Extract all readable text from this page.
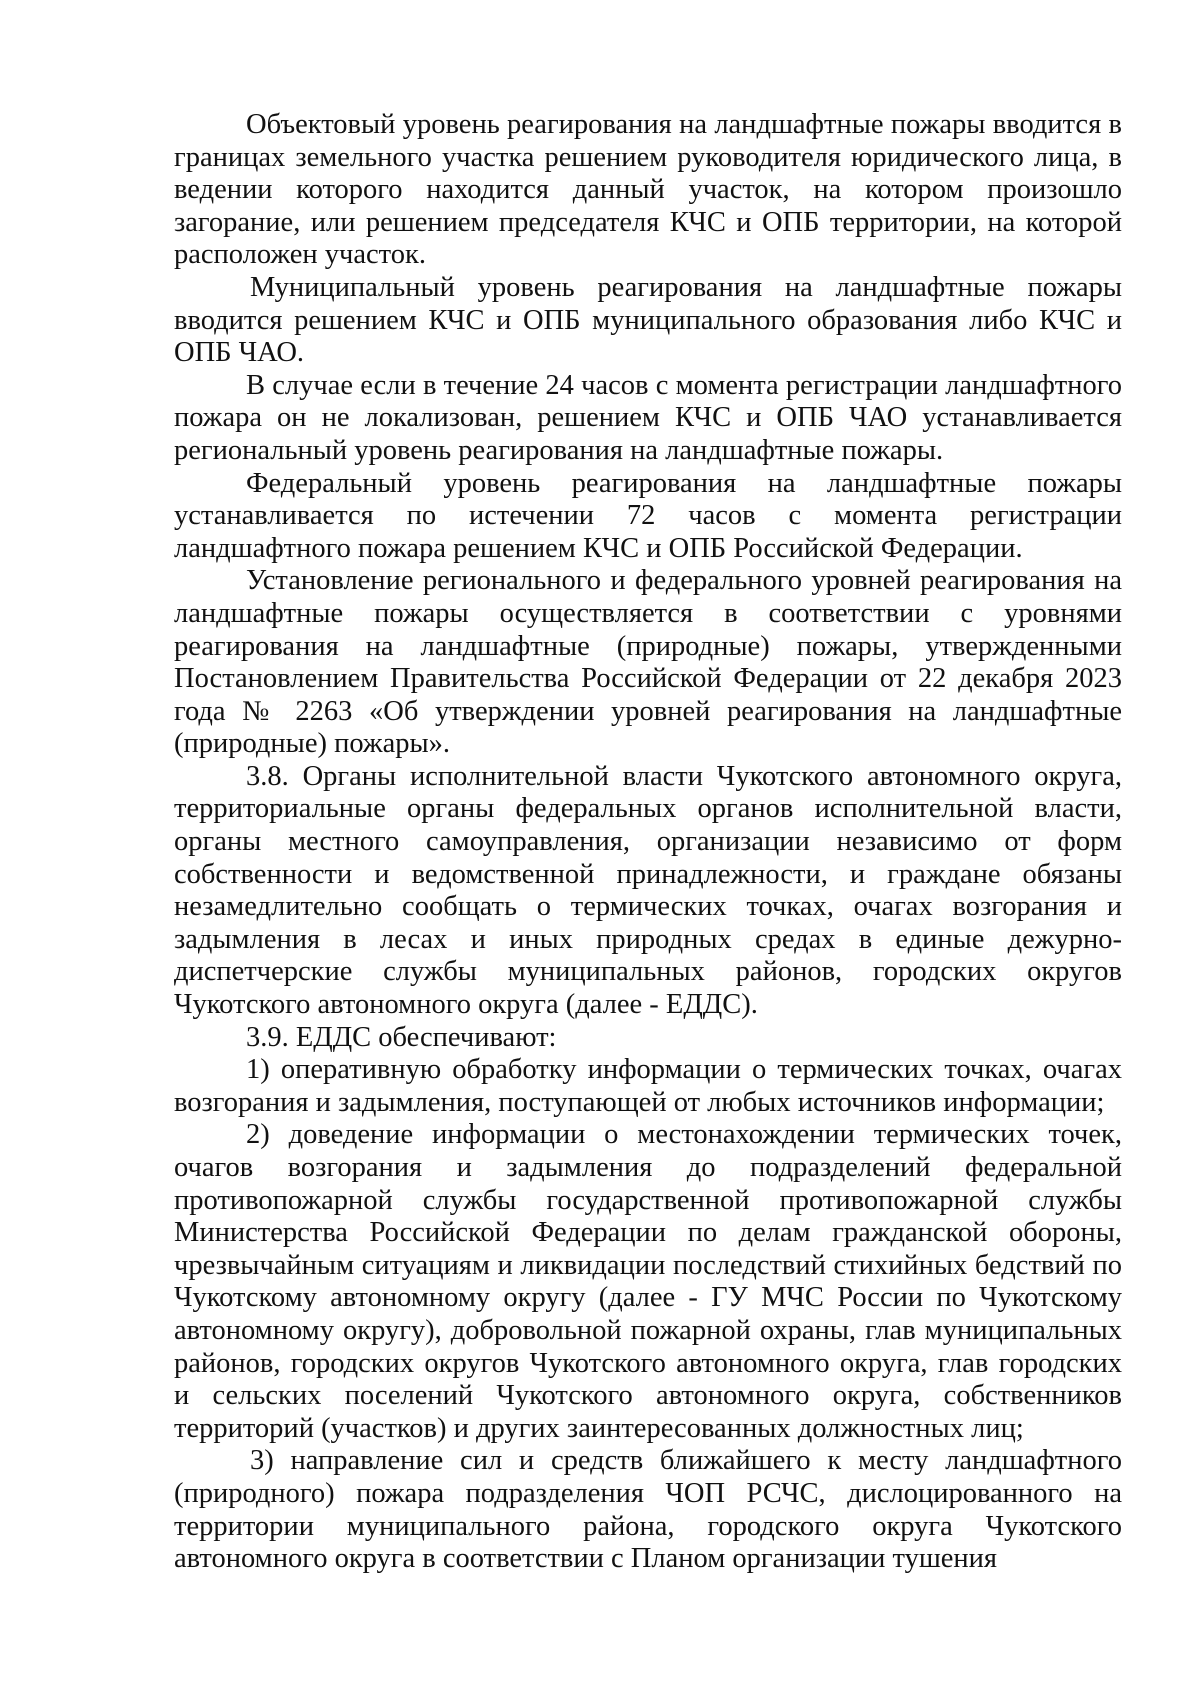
Объектовый уровень реагирования на ландшафтные пожары вводится в границах земельного участка решением руководителя юридического лица, в ведении которого находится данный участок, на котором произошло загорание, или решением председателя КЧС и ОПБ территории, на которой расположен участок.

Муниципальный уровень реагирования на ландшафтные пожары вводится решением КЧС и ОПБ муниципального образования либо КЧС и ОПБ ЧАО.

В случае если в течение 24 часов с момента регистрации ландшафтного пожара он не локализован, решением КЧС и ОПБ ЧАО устанавливается региональный уровень реагирования на ландшафтные пожары.

Федеральный уровень реагирования на ландшафтные пожары устанавливается по истечении 72 часов с момента регистрации ландшафтного пожара решением КЧС и ОПБ Российской Федерации.

Установление регионального и федерального уровней реагирования на ландшафтные пожары осуществляется в соответствии с уровнями реагирования на ландшафтные (природные) пожары, утвержденными Постановлением Правительства Российской Федерации от 22 декабря 2023 года № 2263 «Об утверждении уровней реагирования на ландшафтные (природные) пожары».

3.8. Органы исполнительной власти Чукотского автономного округа, территориальные органы федеральных органов исполнительной власти, органы местного самоуправления, организации независимо от форм собственности и ведомственной принадлежности, и граждане обязаны незамедлительно сообщать о термических точках, очагах возгорания и задымления в лесах и иных природных средах в единые дежурно-диспетчерские службы муниципальных районов, городских округов Чукотского автономного округа (далее - ЕДДС).

3.9. ЕДДС обеспечивают:

1) оперативную обработку информации о термических точках, очагах возгорания и задымления, поступающей от любых источников информации;

2) доведение информации о местонахождении термических точек, очагов возгорания и задымления до подразделений федеральной противопожарной службы государственной противопожарной службы Министерства Российской Федерации по делам гражданской обороны, чрезвычайным ситуациям и ликвидации последствий стихийных бедствий по Чукотскому автономному округу (далее - ГУ МЧС России по Чукотскому автономному округу), добровольной пожарной охраны, глав муниципальных районов, городских округов Чукотского автономного округа, глав городских и сельских поселений Чукотского автономного округа, собственников территорий (участков) и других заинтересованных должностных лиц;

3) направление сил и средств ближайшего к месту ландшафтного (природного) пожара подразделения ЧОП РСЧС, дислоцированного на территории муниципального района, городского округа Чукотского автономного округа в соответствии с Планом организации тушения
